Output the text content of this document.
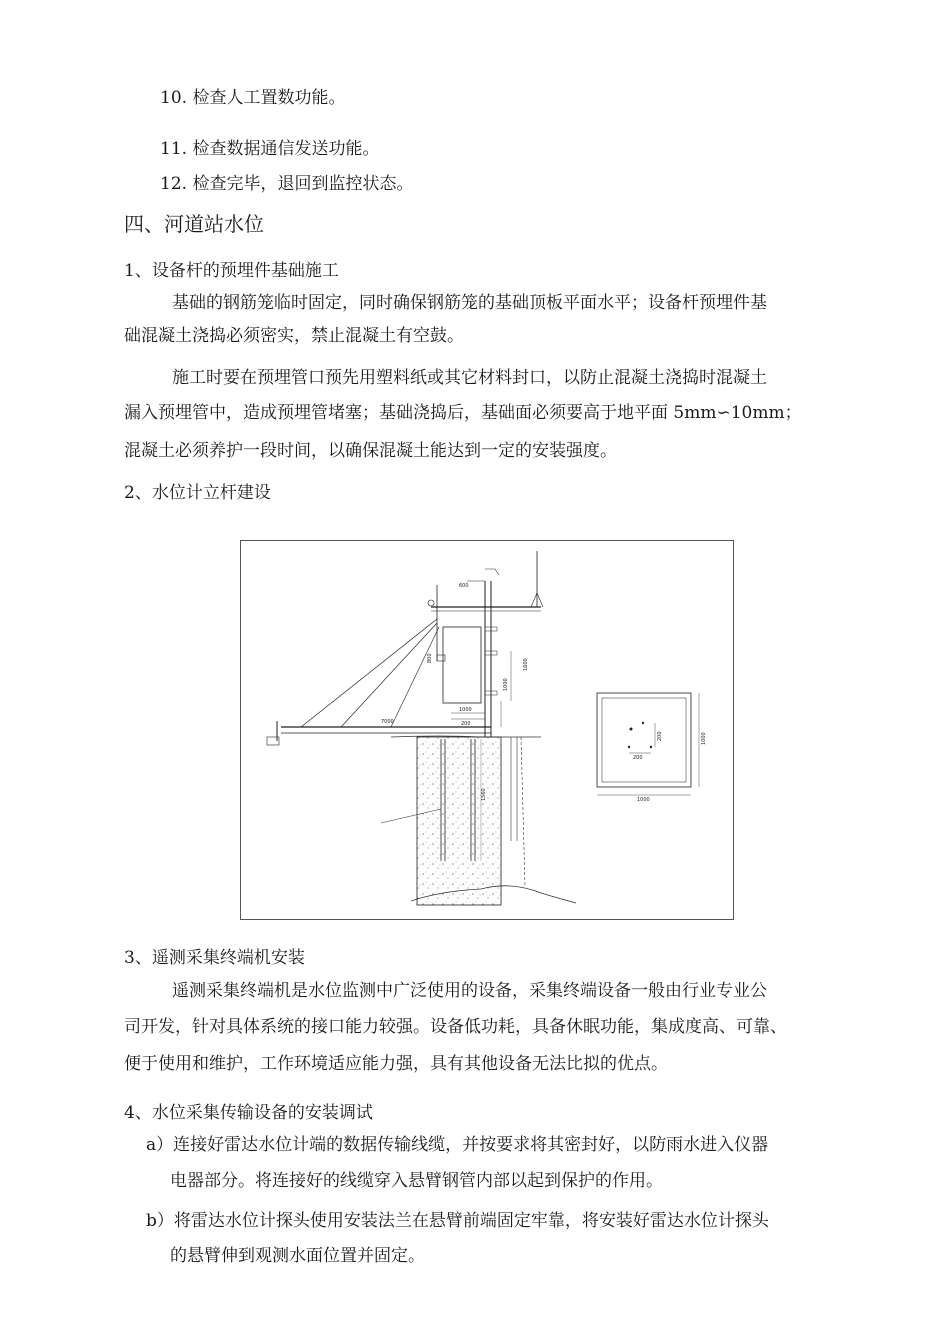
10. 检查人工置数功能。
11. 检查数据通信发送功能。
12. 检查完毕，退回到监控状态。
四、河道站水位
1、设备杆的预埋件基础施工
基础的钢筋笼临时固定，同时确保钢筋笼的基础顶板平面水平；设备杆预埋件基
础混凝土浇捣必须密实，禁止混凝土有空鼓。
施工时要在预埋管口预先用塑料纸或其它材料封口，以防止混凝土浇捣时混凝土
漏入预埋管中，造成预埋管堵塞；基础浇捣后，基础面必须要高于地平面 5mm∽10mm；
混凝土必须养护一段时间，以确保混凝土能达到一定的安装强度。
2、水位计立杆建设
600
7000
1000
200
800
1000
1600
1500	1000
1000
200
200
3、遥测采集终端机安装
遥测采集终端机是水位监测中广泛使用的设备，采集终端设备一般由行业专业公
司开发，针对具体系统的接口能力较强。设备低功耗，具备休眠功能，集成度高、可靠、
便于使用和维护，工作环境适应能力强，具有其他设备无法比拟的优点。
4、水位采集传输设备的安装调试
a）连接好雷达水位计端的数据传输线缆，并按要求将其密封好，以防雨水进入仪器
电器部分。将连接好的线缆穿入悬臂钢管内部以起到保护的作用。
b）将雷达水位计探头使用安装法兰在悬臂前端固定牢靠，将安装好雷达水位计探头
的悬臂伸到观测水面位置并固定。
